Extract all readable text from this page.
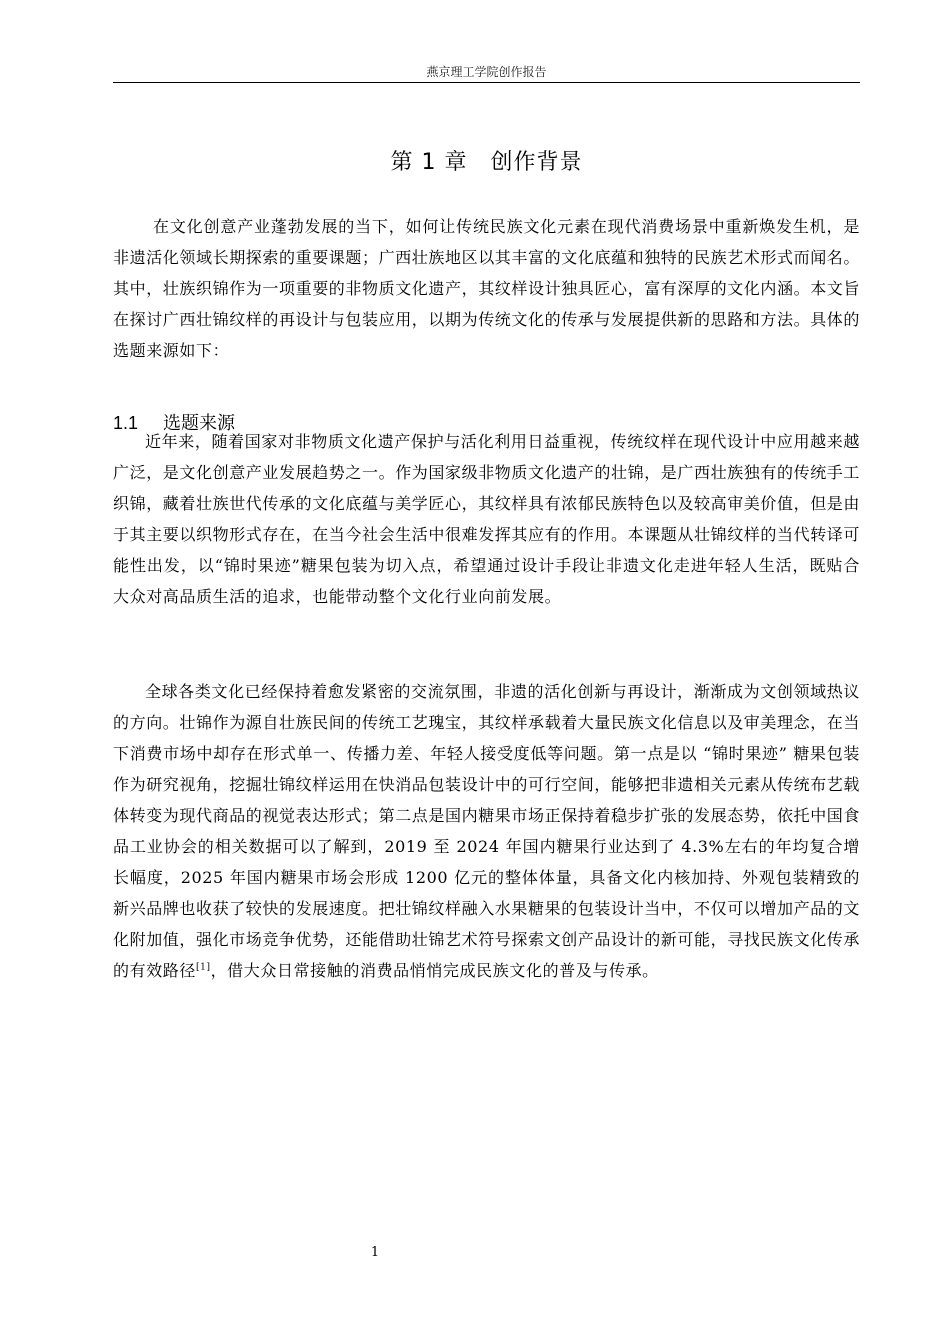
燕京理工学院创作报告
第 1 章　创作背景
在文化创意产业蓬勃发展的当下，如何让传统民族文化元素在现代消费场景中重新焕发生机，是非遗活化领域长期探索的重要课题；广西壮族地区以其丰富的文化底蕴和独特的民族艺术形式而闻名。其中，壮族织锦作为一项重要的非物质文化遗产，其纹样设计独具匠心，富有深厚的文化内涵。本文旨在探讨广西壮锦纹样的再设计与包装应用，以期为传统文化的传承与发展提供新的思路和方法。具体的选题来源如下：
1.1 选题来源
近年来，随着国家对非物质文化遗产保护与活化利用日益重视，传统纹样在现代设计中应用越来越广泛，是文化创意产业发展趋势之一。作为国家级非物质文化遗产的壮锦，是广西壮族独有的传统手工织锦，藏着壮族世代传承的文化底蕴与美学匠心，其纹样具有浓郁民族特色以及较高审美价值，但是由于其主要以织物形式存在，在当今社会生活中很难发挥其应有的作用。本课题从壮锦纹样的当代转译可能性出发，以“锦时果迹”糖果包装为切入点，希望通过设计手段让非遗文化走进年轻人生活，既贴合大众对高品质生活的追求，也能带动整个文化行业向前发展。
全球各类文化已经保持着愈发紧密的交流氛围，非遗的活化创新与再设计，渐渐成为文创领域热议的方向。壮锦作为源自壮族民间的传统工艺瑰宝，其纹样承载着大量民族文化信息以及审美理念，在当下消费市场中却存在形式单一、传播力差、年轻人接受度低等问题。第一点是以 “锦时果迹” 糖果包装作为研究视角，挖掘壮锦纹样运用在快消品包装设计中的可行空间，能够把非遗相关元素从传统布艺载体转变为现代商品的视觉表达形式；第二点是国内糖果市场正保持着稳步扩张的发展态势，依托中国食品工业协会的相关数据可以了解到，2019 至 2024 年国内糖果行业达到了 4.3%左右的年均复合增长幅度，2025 年国内糖果市场会形成 1200 亿元的整体体量，具备文化内核加持、外观包装精致的新兴品牌也收获了较快的发展速度。把壮锦纹样融入水果糖果的包装设计当中，不仅可以增加产品的文化附加值，强化市场竞争优势，还能借助壮锦艺术符号探索文创产品设计的新可能，寻找民族文化传承的有效路径[1]，借大众日常接触的消费品悄悄完成民族文化的普及与传承。
1
